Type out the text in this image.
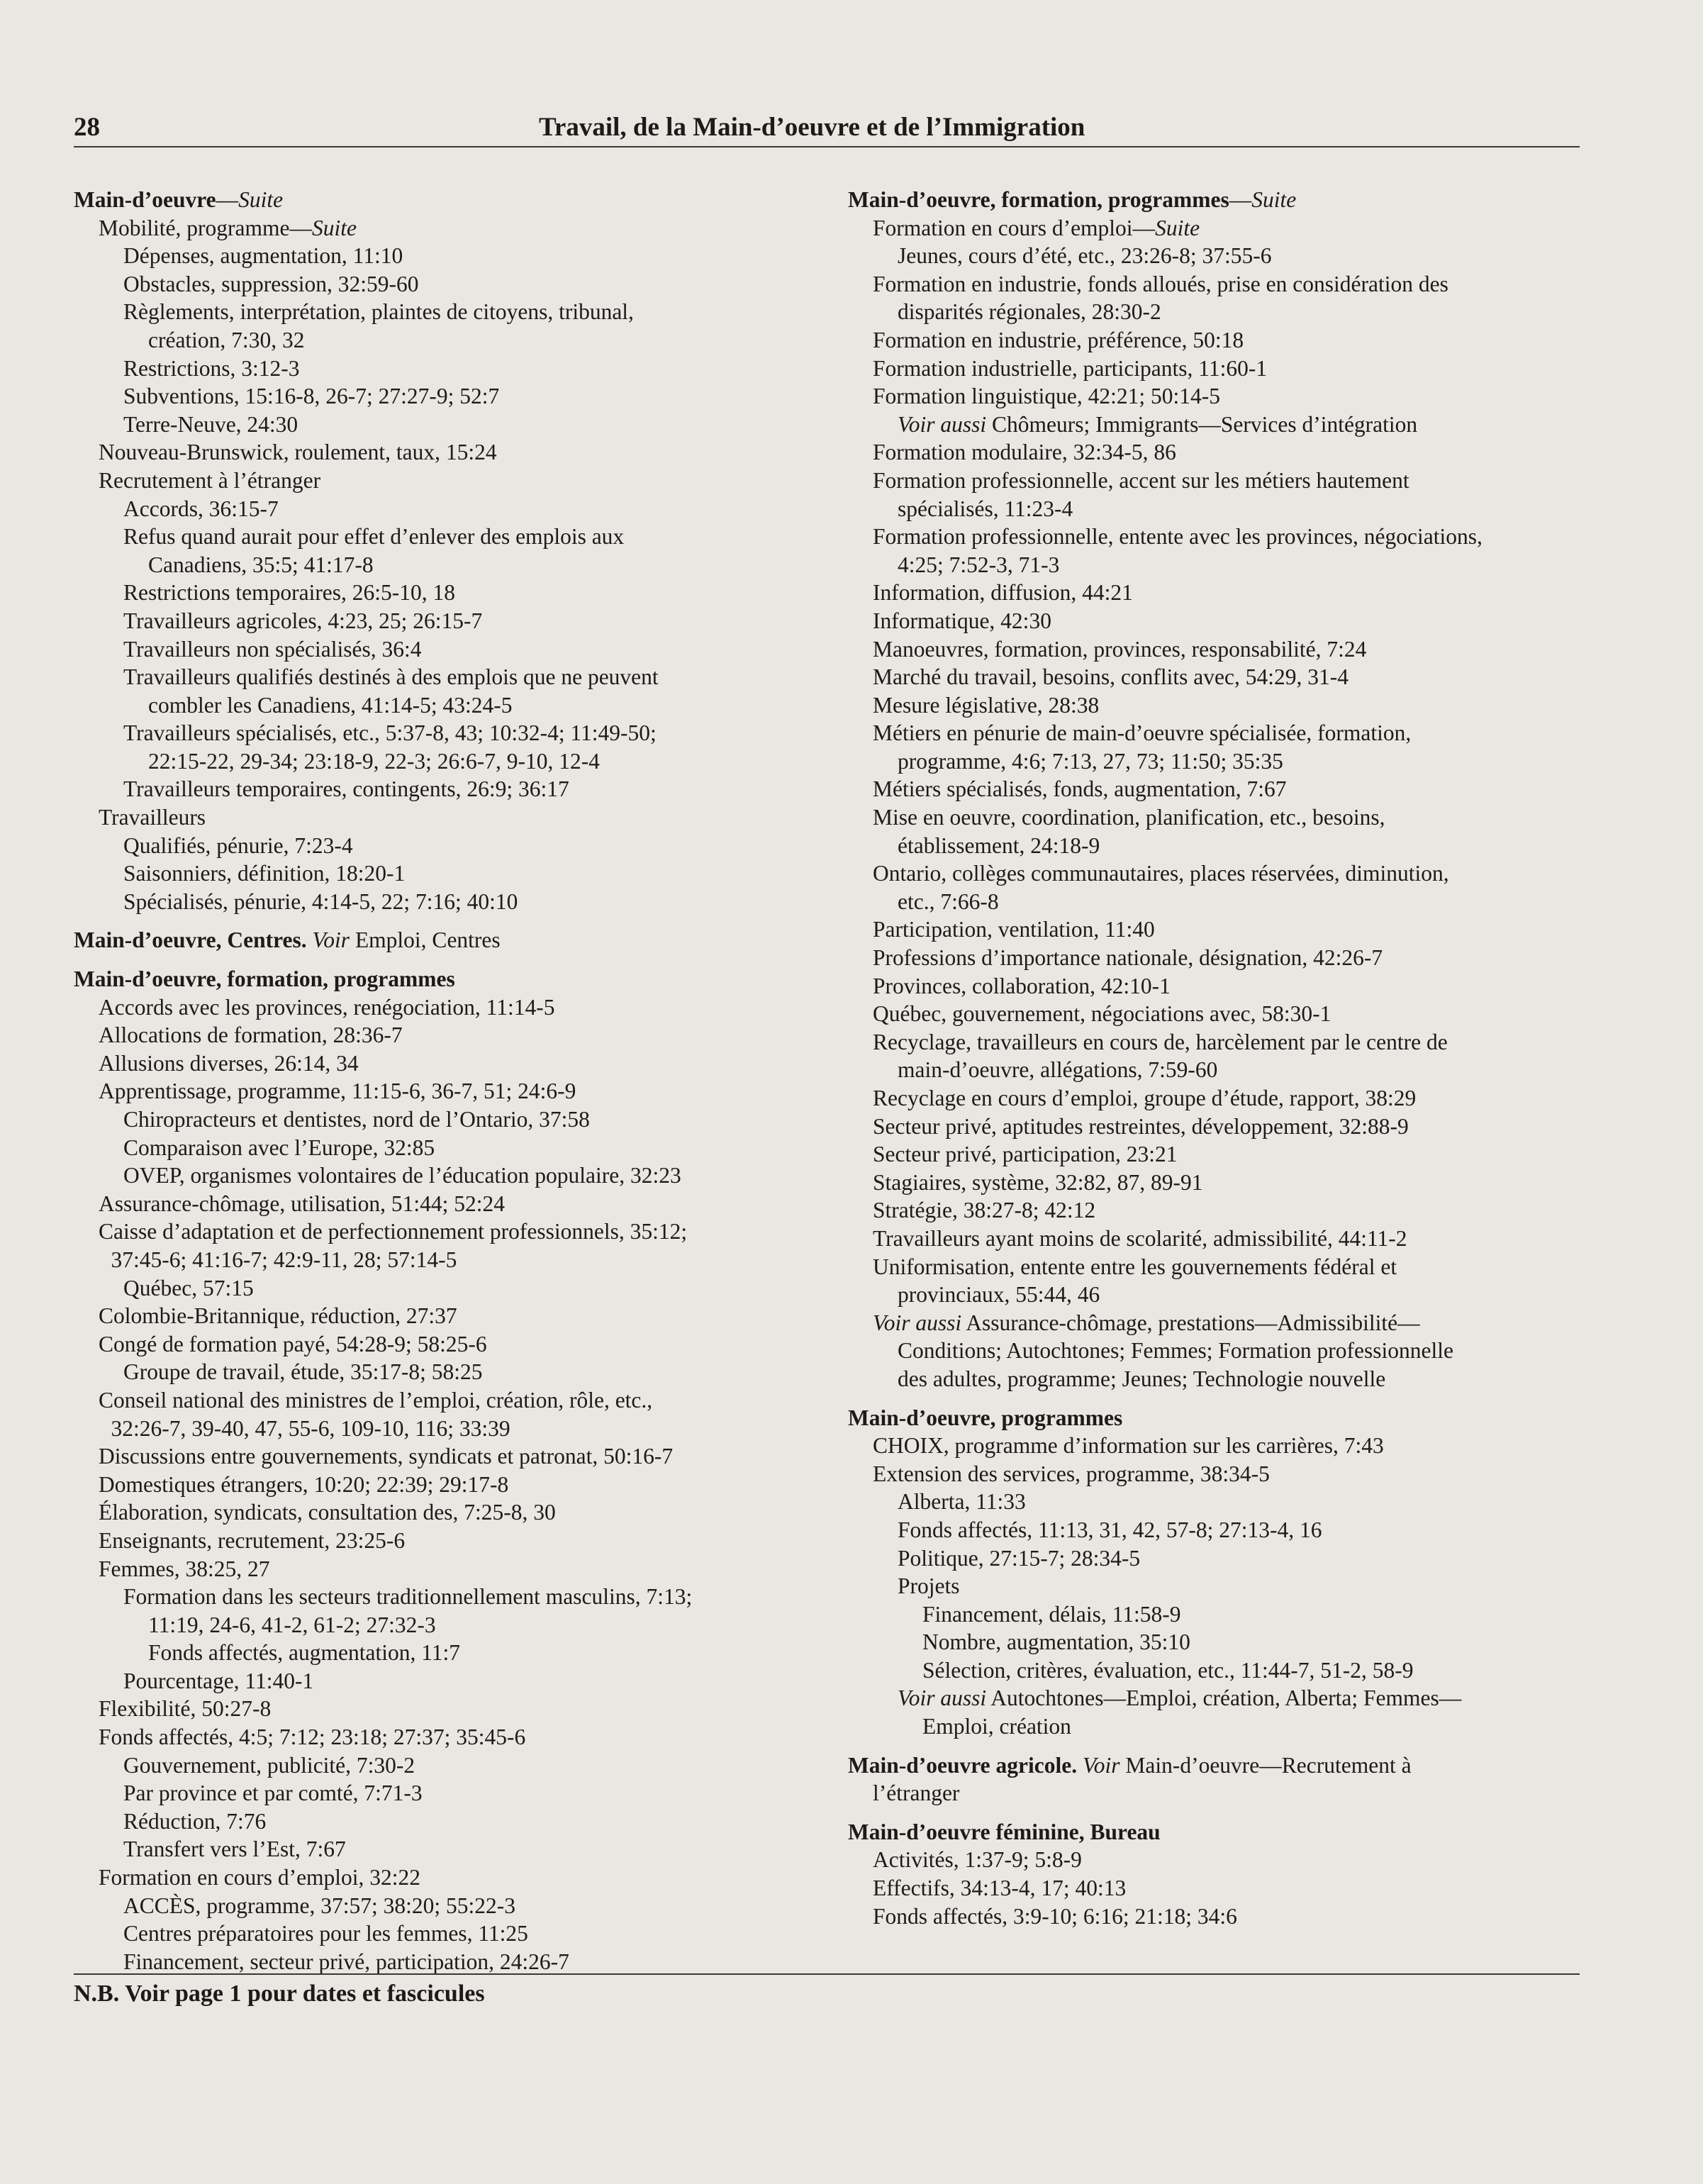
28	Travail, de la Main-d’oeuvre et de l’Immigration
Main-d’oeuvre—Suite
Mobilité, programme—Suite
Dépenses, augmentation, 11:10
Obstacles, suppression, 32:59-60
Règlements, interprétation, plaintes de citoyens, tribunal,
création, 7:30, 32
Restrictions, 3:12-3
Subventions, 15:16-8, 26-7; 27:27-9; 52:7
Terre-Neuve, 24:30
Nouveau-Brunswick, roulement, taux, 15:24
Recrutement à l’étranger
Accords, 36:15-7
Refus quand aurait pour effet d’enlever des emplois aux
Canadiens, 35:5; 41:17-8
Restrictions temporaires, 26:5-10, 18
Travailleurs agricoles, 4:23, 25; 26:15-7
Travailleurs non spécialisés, 36:4
Travailleurs qualifiés destinés à des emplois que ne peuvent
combler les Canadiens, 41:14-5; 43:24-5
Travailleurs spécialisés, etc., 5:37-8, 43; 10:32-4; 11:49-50;
22:15-22, 29-34; 23:18-9, 22-3; 26:6-7, 9-10, 12-4
Travailleurs temporaires, contingents, 26:9; 36:17
Travailleurs
Qualifiés, pénurie, 7:23-4
Saisonniers, définition, 18:20-1
Spécialisés, pénurie, 4:14-5, 22; 7:16; 40:10
Main-d’oeuvre, Centres. Voir Emploi, Centres
Main-d’oeuvre, formation, programmes
Accords avec les provinces, renégociation, 11:14-5
Allocations de formation, 28:36-7
Allusions diverses, 26:14, 34
Apprentissage, programme, 11:15-6, 36-7, 51; 24:6-9
Chiropracteurs et dentistes, nord de l’Ontario, 37:58
Comparaison avec l’Europe, 32:85
OVEP, organismes volontaires de l’éducation populaire, 32:23
Assurance-chômage, utilisation, 51:44; 52:24
Caisse d’adaptation et de perfectionnement professionnels, 35:12;
37:45-6; 41:16-7; 42:9-11, 28; 57:14-5
Québec, 57:15
Colombie-Britannique, réduction, 27:37
Congé de formation payé, 54:28-9; 58:25-6
Groupe de travail, étude, 35:17-8; 58:25
Conseil national des ministres de l’emploi, création, rôle, etc.,
32:26-7, 39-40, 47, 55-6, 109-10, 116; 33:39
Discussions entre gouvernements, syndicats et patronat, 50:16-7
Domestiques étrangers, 10:20; 22:39; 29:17-8
Élaboration, syndicats, consultation des, 7:25-8, 30
Enseignants, recrutement, 23:25-6
Femmes, 38:25, 27
Formation dans les secteurs traditionnellement masculins, 7:13;
11:19, 24-6, 41-2, 61-2; 27:32-3
Fonds affectés, augmentation, 11:7
Pourcentage, 11:40-1
Flexibilité, 50:27-8
Fonds affectés, 4:5; 7:12; 23:18; 27:37; 35:45-6
Gouvernement, publicité, 7:30-2
Par province et par comté, 7:71-3
Réduction, 7:76
Transfert vers l’Est, 7:67
Formation en cours d’emploi, 32:22
ACCÈS, programme, 37:57; 38:20; 55:22-3
Centres préparatoires pour les femmes, 11:25
Financement, secteur privé, participation, 24:26-7
Main-d’oeuvre, formation, programmes—Suite
Formation en cours d’emploi—Suite
Jeunes, cours d’été, etc., 23:26-8; 37:55-6
Formation en industrie, fonds alloués, prise en considération des
disparités régionales, 28:30-2
Formation en industrie, préférence, 50:18
Formation industrielle, participants, 11:60-1
Formation linguistique, 42:21; 50:14-5
Voir aussi Chômeurs; Immigrants—Services d’intégration
Formation modulaire, 32:34-5, 86
Formation professionnelle, accent sur les métiers hautement
spécialisés, 11:23-4
Formation professionnelle, entente avec les provinces, négociations,
4:25; 7:52-3, 71-3
Information, diffusion, 44:21
Informatique, 42:30
Manoeuvres, formation, provinces, responsabilité, 7:24
Marché du travail, besoins, conflits avec, 54:29, 31-4
Mesure législative, 28:38
Métiers en pénurie de main-d’oeuvre spécialisée, formation,
programme, 4:6; 7:13, 27, 73; 11:50; 35:35
Métiers spécialisés, fonds, augmentation, 7:67
Mise en oeuvre, coordination, planification, etc., besoins,
établissement, 24:18-9
Ontario, collèges communautaires, places réservées, diminution,
etc., 7:66-8
Participation, ventilation, 11:40
Professions d’importance nationale, désignation, 42:26-7
Provinces, collaboration, 42:10-1
Québec, gouvernement, négociations avec, 58:30-1
Recyclage, travailleurs en cours de, harcèlement par le centre de
main-d’oeuvre, allégations, 7:59-60
Recyclage en cours d’emploi, groupe d’étude, rapport, 38:29
Secteur privé, aptitudes restreintes, développement, 32:88-9
Secteur privé, participation, 23:21
Stagiaires, système, 32:82, 87, 89-91
Stratégie, 38:27-8; 42:12
Travailleurs ayant moins de scolarité, admissibilité, 44:11-2
Uniformisation, entente entre les gouvernements fédéral et
provinciaux, 55:44, 46
Voir aussi Assurance-chômage, prestations—Admissibilité—
Conditions; Autochtones; Femmes; Formation professionnelle
des adultes, programme; Jeunes; Technologie nouvelle
Main-d’oeuvre, programmes
CHOIX, programme d’information sur les carrières, 7:43
Extension des services, programme, 38:34-5
Alberta, 11:33
Fonds affectés, 11:13, 31, 42, 57-8; 27:13-4, 16
Politique, 27:15-7; 28:34-5
Projets
Financement, délais, 11:58-9
Nombre, augmentation, 35:10
Sélection, critères, évaluation, etc., 11:44-7, 51-2, 58-9
Voir aussi Autochtones—Emploi, création, Alberta; Femmes—
Emploi, création
Main-d’oeuvre agricole. Voir Main-d’oeuvre—Recrutement à
l’étranger
Main-d’oeuvre féminine, Bureau
Activités, 1:37-9; 5:8-9
Effectifs, 34:13-4, 17; 40:13
Fonds affectés, 3:9-10; 6:16; 21:18; 34:6
N.B. Voir page 1 pour dates et fascicules
